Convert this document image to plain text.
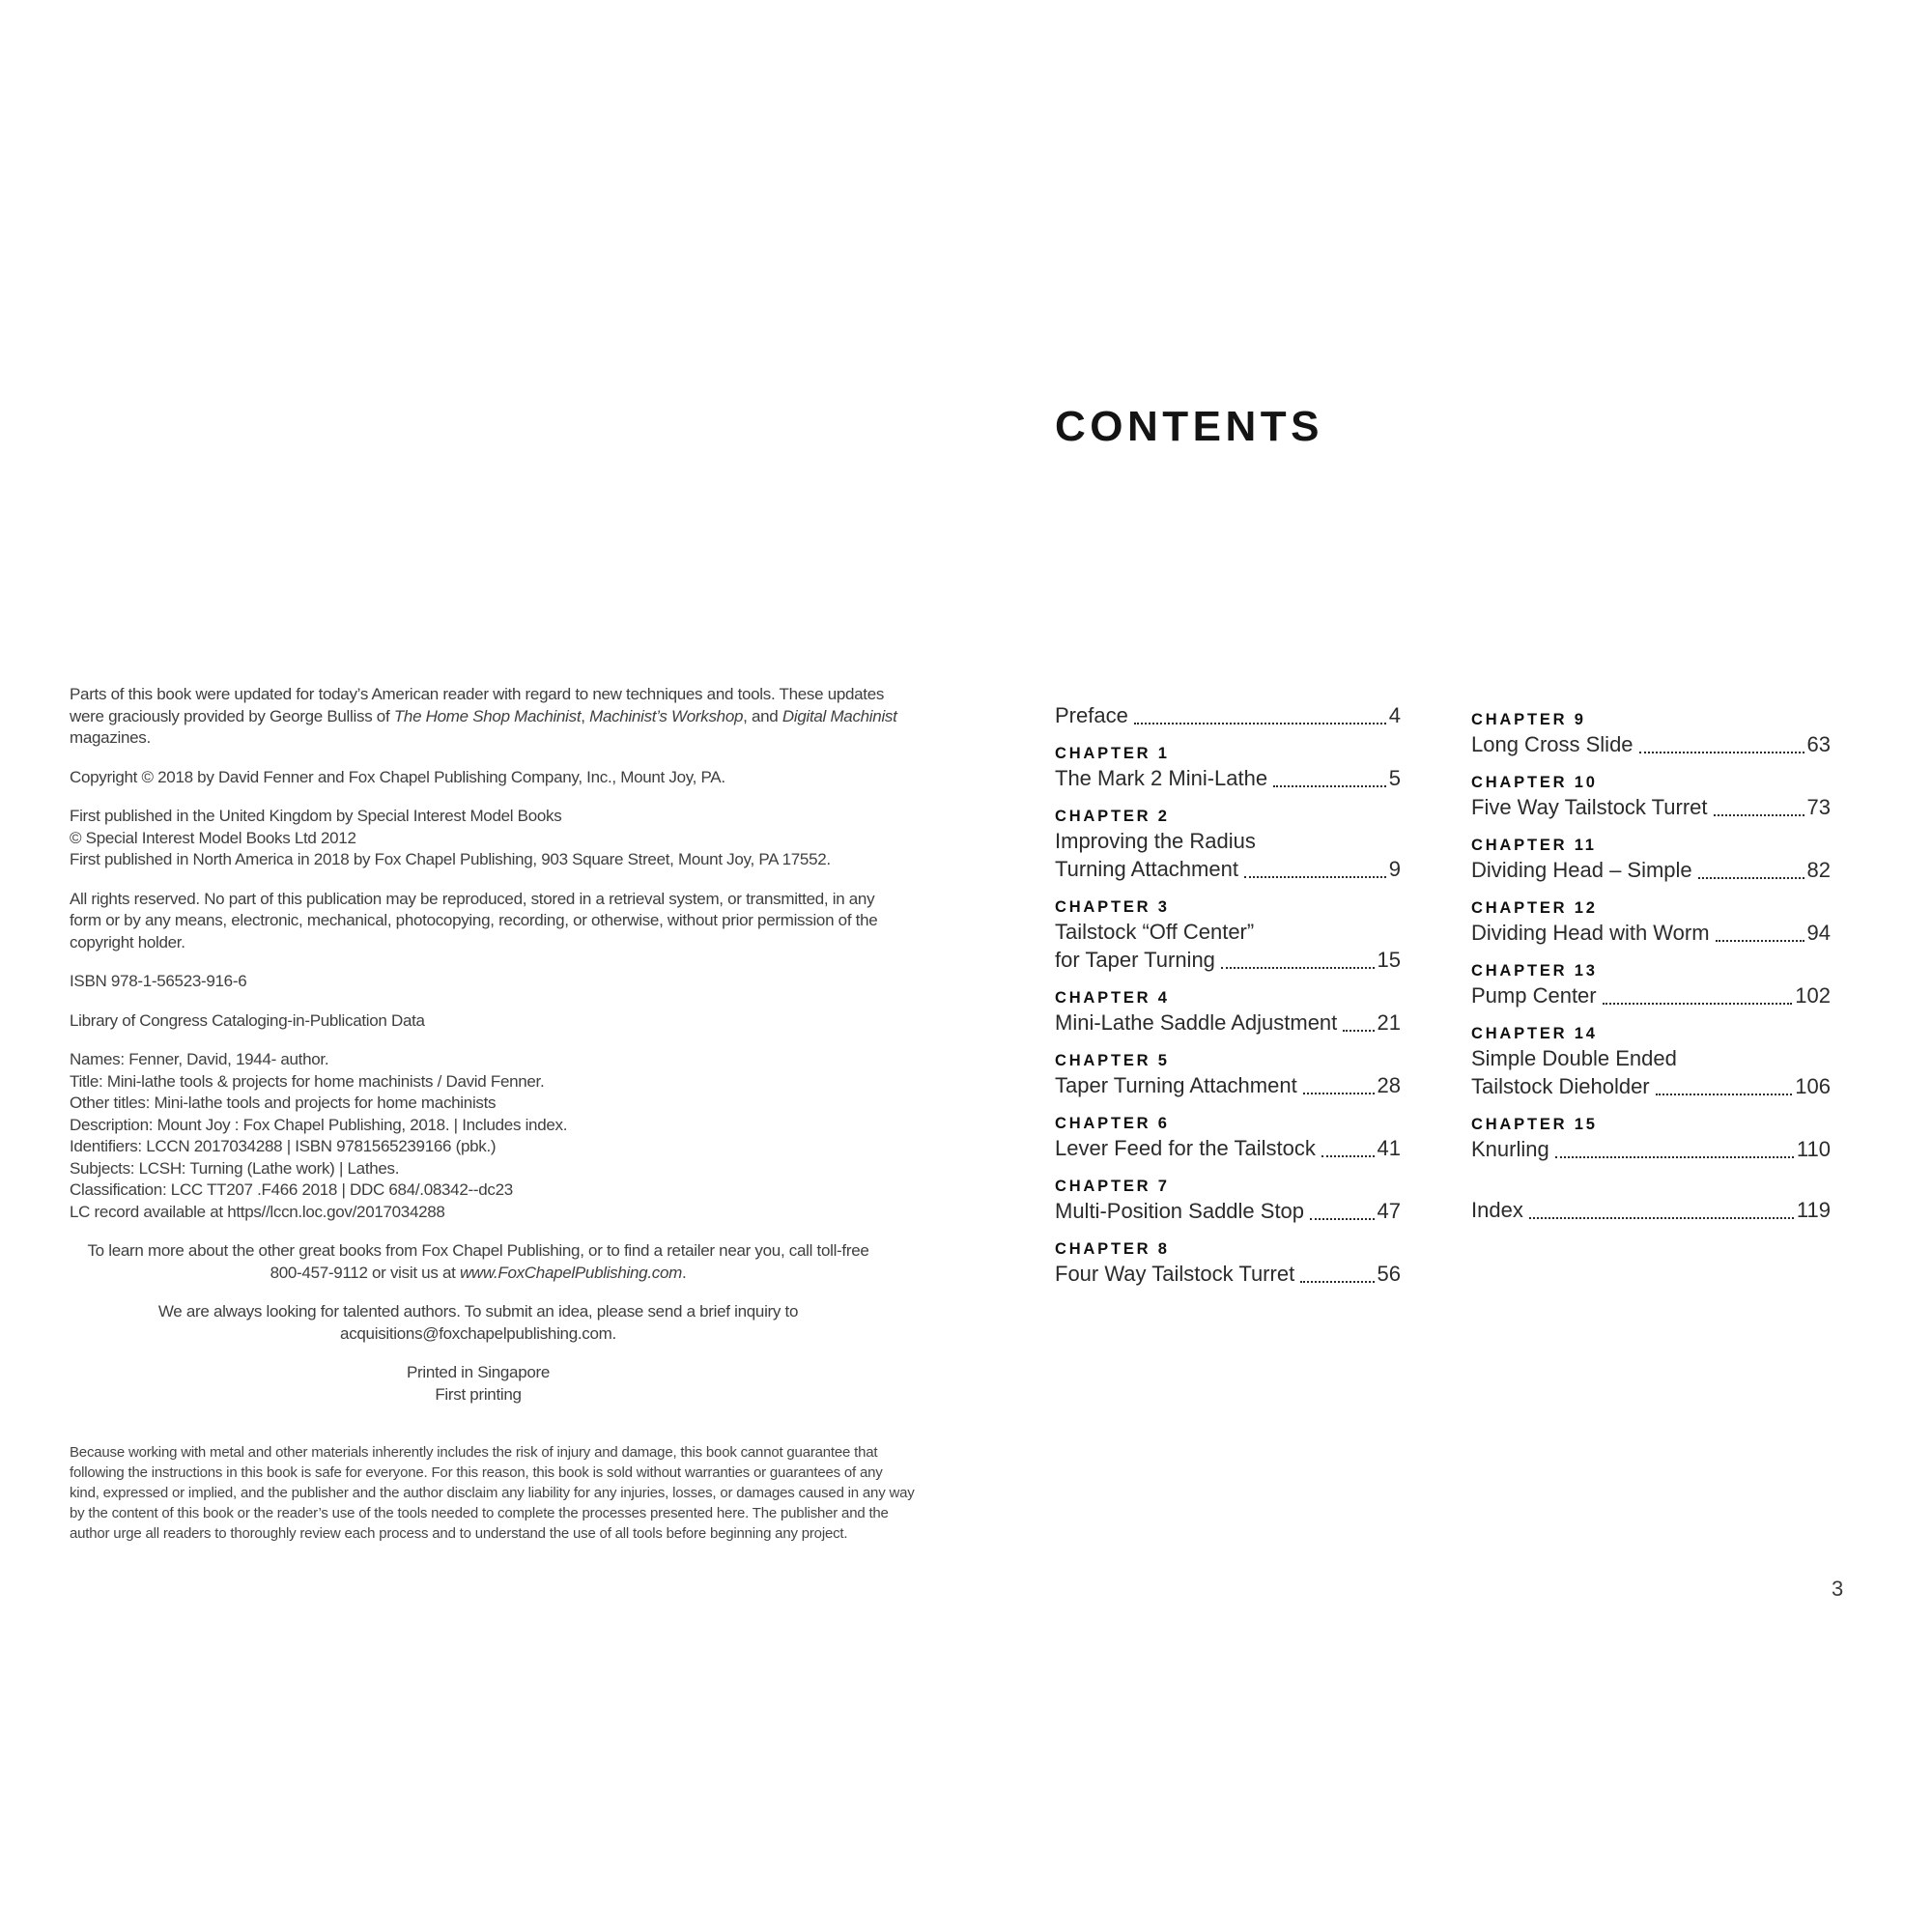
Parts of this book were updated for today’s American reader with regard to new techniques and tools. These updates
were graciously provided by George Bulliss of The Home Shop Machinist, Machinist’s Workshop, and Digital Machinist
magazines.
Copyright © 2018 by David Fenner and Fox Chapel Publishing Company, Inc., Mount Joy, PA.
First published in the United Kingdom by Special Interest Model Books
© Special Interest Model Books Ltd 2012
First published in North America in 2018 by Fox Chapel Publishing, 903 Square Street, Mount Joy, PA 17552.
All rights reserved. No part of this publication may be reproduced, stored in a retrieval system, or transmitted, in any
form or by any means, electronic, mechanical, photocopying, recording, or otherwise, without prior permission of the
copyright holder.
ISBN 978-1-56523-916-6
Library of Congress Cataloging-in-Publication Data
Names: Fenner, David, 1944- author.
Title: Mini-lathe tools & projects for home machinists / David Fenner.
Other titles: Mini-lathe tools and projects for home machinists
Description: Mount Joy : Fox Chapel Publishing, 2018. | Includes index.
Identifiers: LCCN 2017034288 | ISBN 9781565239166 (pbk.)
Subjects: LCSH: Turning (Lathe work) | Lathes.
Classification: LCC TT207 .F466 2018 | DDC 684/.08342--dc23
LC record available at https//lccn.loc.gov/2017034288
To learn more about the other great books from Fox Chapel Publishing, or to find a retailer near you, call toll-free
800-457-9112 or visit us at www.FoxChapelPublishing.com.
We are always looking for talented authors. To submit an idea, please send a brief inquiry to
acquisitions@foxchapelpublishing.com.
Printed in Singapore
First printing
Because working with metal and other materials inherently includes the risk of injury and damage, this book cannot guarantee that
following the instructions in this book is safe for everyone. For this reason, this book is sold without warranties or guarantees of any
kind, expressed or implied, and the publisher and the author disclaim any liability for any injuries, losses, or damages caused in any way
by the content of this book or the reader’s use of the tools needed to complete the processes presented here. The publisher and the
author urge all readers to thoroughly review each process and to understand the use of all tools before beginning any project.
CONTENTS
Preface	4
CHAPTER 1
The Mark 2 Mini-Lathe	5
CHAPTER 2
Improving the Radius
Turning Attachment	9
CHAPTER 3
Tailstock “Off Center”
for Taper Turning	15
CHAPTER 4
Mini-Lathe Saddle Adjustment 21
CHAPTER 5
Taper Turning Attachment	28
CHAPTER 6
Lever Feed for the Tailstock	41
CHAPTER 7
Multi-Position Saddle Stop	47
CHAPTER 8
Four Way Tailstock Turret	56
CHAPTER 9
Long Cross Slide	63
CHAPTER 10
Five Way Tailstock Turret	73
CHAPTER 11
Dividing Head – Simple	82
CHAPTER 12
Dividing Head with Worm	94
CHAPTER 13
Pump Center	102
CHAPTER 14
Simple Double Ended
Tailstock Dieholder	106
CHAPTER 15
Knurling	110
Index	119
3
